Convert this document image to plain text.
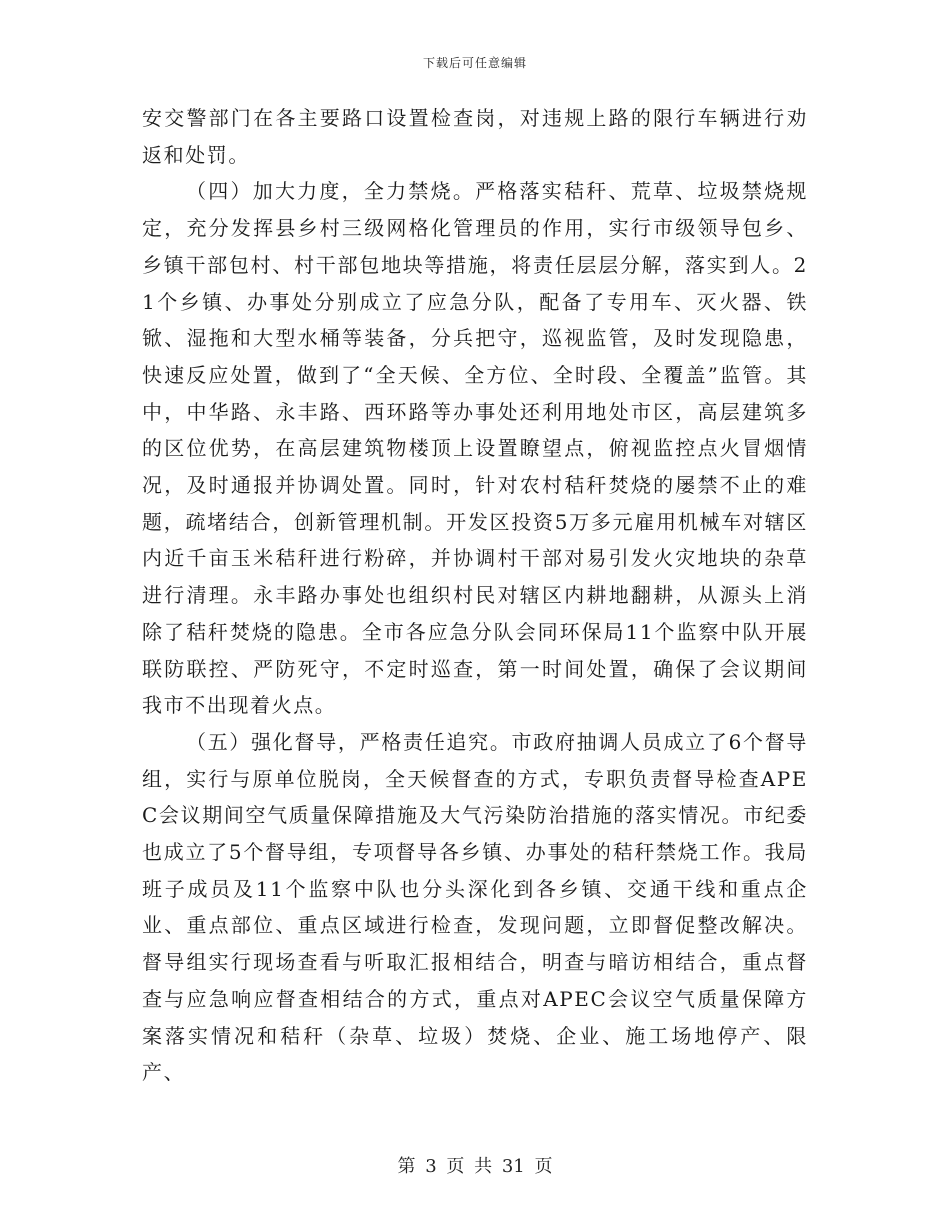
下载后可任意编辑

安交警部门在各主要路口设置检查岗，对违规上路的限行车辆进行劝返和处罚。

（四）加大力度，全力禁烧。严格落实秸秆、荒草、垃圾禁烧规定，充分发挥县乡村三级网格化管理员的作用，实行市级领导包乡、乡镇干部包村、村干部包地块等措施，将责任层层分解，落实到人。21个乡镇、办事处分别成立了应急分队，配备了专用车、灭火器、铁锨、湿拖和大型水桶等装备，分兵把守，巡视监管，及时发现隐患，快速反应处置，做到了“全天候、全方位、全时段、全覆盖”监管。其中，中华路、永丰路、西环路等办事处还利用地处市区，高层建筑多的区位优势，在高层建筑物楼顶上设置瞭望点，俯视监控点火冒烟情况，及时通报并协调处置。同时，针对农村秸秆焚烧的屡禁不止的难题，疏堵结合，创新管理机制。开发区投资5万多元雇用机械车对辖区内近千亩玉米秸秆进行粉碎，并协调村干部对易引发火灾地块的杂草进行清理。永丰路办事处也组织村民对辖区内耕地翻耕，从源头上消除了秸秆焚烧的隐患。全市各应急分队会同环保局11个监察中队开展联防联控、严防死守，不定时巡查，第一时间处置，确保了会议期间我市不出现着火点。

（五）强化督导，严格责任追究。市政府抽调人员成立了6个督导组，实行与原单位脱岗，全天候督查的方式，专职负责督导检查APEC会议期间空气质量保障措施及大气污染防治措施的落实情况。市纪委也成立了5个督导组，专项督导各乡镇、办事处的秸秆禁烧工作。我局班子成员及11个监察中队也分头深化到各乡镇、交通干线和重点企业、重点部位、重点区域进行检查，发现问题，立即督促整改解决。督导组实行现场查看与听取汇报相结合，明查与暗访相结合，重点督查与应急响应督查相结合的方式，重点对APEC会议空气质量保障方案落实情况和秸秆（杂草、垃圾）焚烧、企业、施工场地停产、限产、

第 3 页 共 31 页
